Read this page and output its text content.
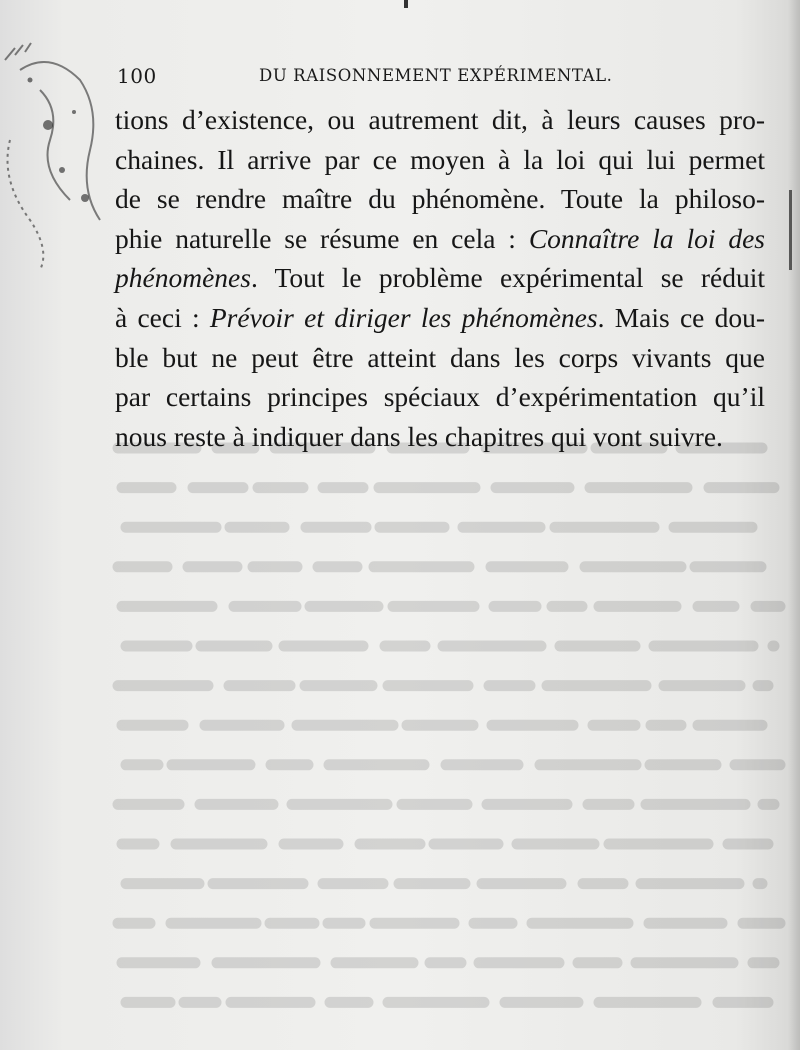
100	DU RAISONNEMENT EXPÉRIMENTAL.
tions d’existence, ou autrement dit, à leurs causes pro-
chaines. Il arrive par ce moyen à la loi qui lui permet
de se rendre maître du phénomène. Toute la philoso-
phie naturelle se résume en cela : Connaître la loi des
phénomènes. Tout le problème expérimental se réduit
à ceci : Prévoir et diriger les phénomènes. Mais ce dou-
ble but ne peut être atteint dans les corps vivants que
par certains principes spéciaux d’expérimentation qu’il
nous reste à indiquer dans les chapitres qui vont suivre.
